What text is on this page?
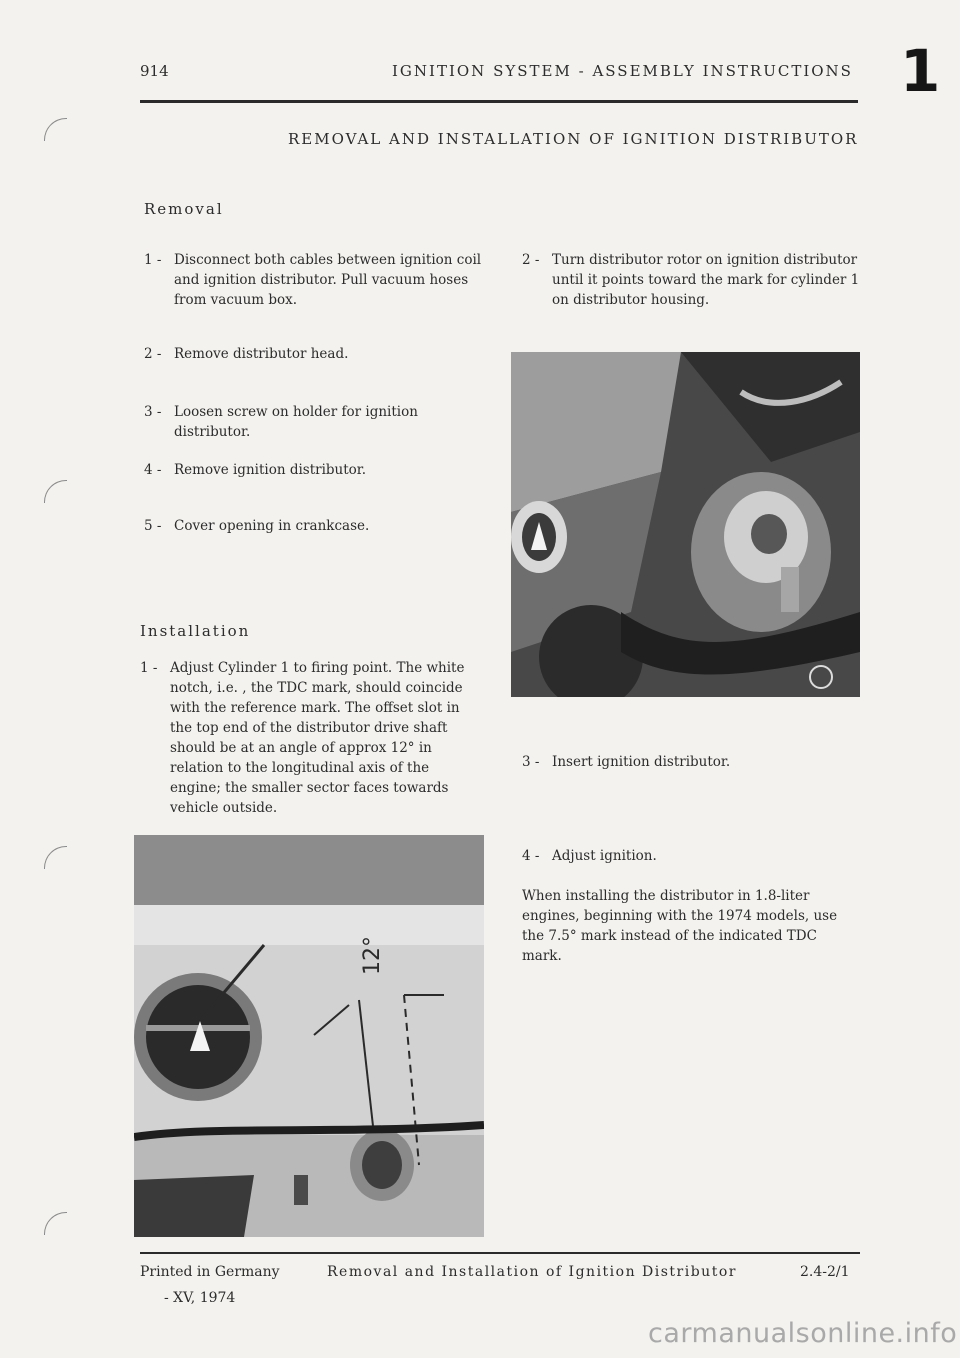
914	IGNITION SYSTEM - ASSEMBLY INSTRUCTIONS 1
REMOVAL AND INSTALLATION OF IGNITION DISTRIBUTOR
Removal
1 - Disconnect both cables between ignition coil and ignition distributor. Pull vacuum hoses from vacuum box.
2 - Remove distributor head.
3 - Loosen screw on holder for ignition distributor.
4 - Remove ignition distributor.
5 - Cover opening in crankcase.
Installation
1 - Adjust Cylinder 1 to firing point. The white notch, i.e. , the TDC mark, should coincide with the reference mark. The offset slot in the top end of the distributor drive shaft should be at an angle of approx 12° in relation to the longitudinal axis of the engine; the smaller sector faces towards vehicle outside.
2 - Turn distributor rotor on ignition distributor until it points toward the mark for cylinder 1 on distributor housing.
3 - Insert ignition distributor.
4 - Adjust ignition.
When installing the distributor in 1.8-liter engines, beginning with the 1974 models, use the 7.5° mark instead of the indicated TDC mark.
12°
Printed in Germany
- XV, 1974
Removal and Installation of Ignition Distributor	2.4-2/1
carmanualsonline.info
